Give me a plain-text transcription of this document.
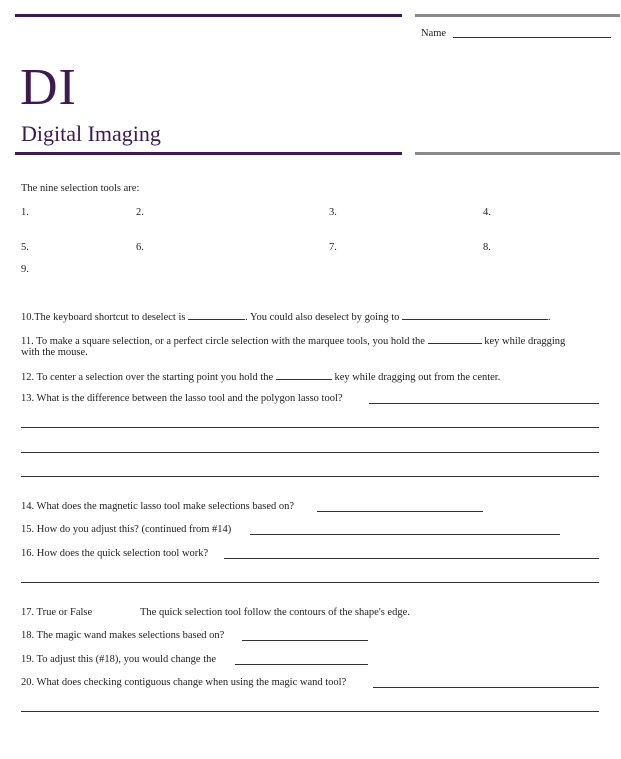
Name
DI
Digital Imaging
The nine selection tools are:
1.	2.	3.	4.
5.	6.	7.	8.
9.
10.The keyboard shortcut to deselect is	. You could also deselect by going to	.
11. To make a square selection, or a perfect circle selection with the marquee tools, you hold the	key while dragging
with the mouse.
12. To center a selection over the starting point you hold the	key while dragging out from the center.
13. What is the difference between the lasso tool and the polygon lasso tool?
14. What does the magnetic lasso tool make selections based on?
15. How do you adjust this? (continued from #14)
16. How does the quick selection tool work?
17. True or False	The quick selection tool follow the contours of the shape's edge.
18. The magic wand makes selections based on?
19. To adjust this (#18), you would change the
20. What does checking contiguous change when using the magic wand tool?
